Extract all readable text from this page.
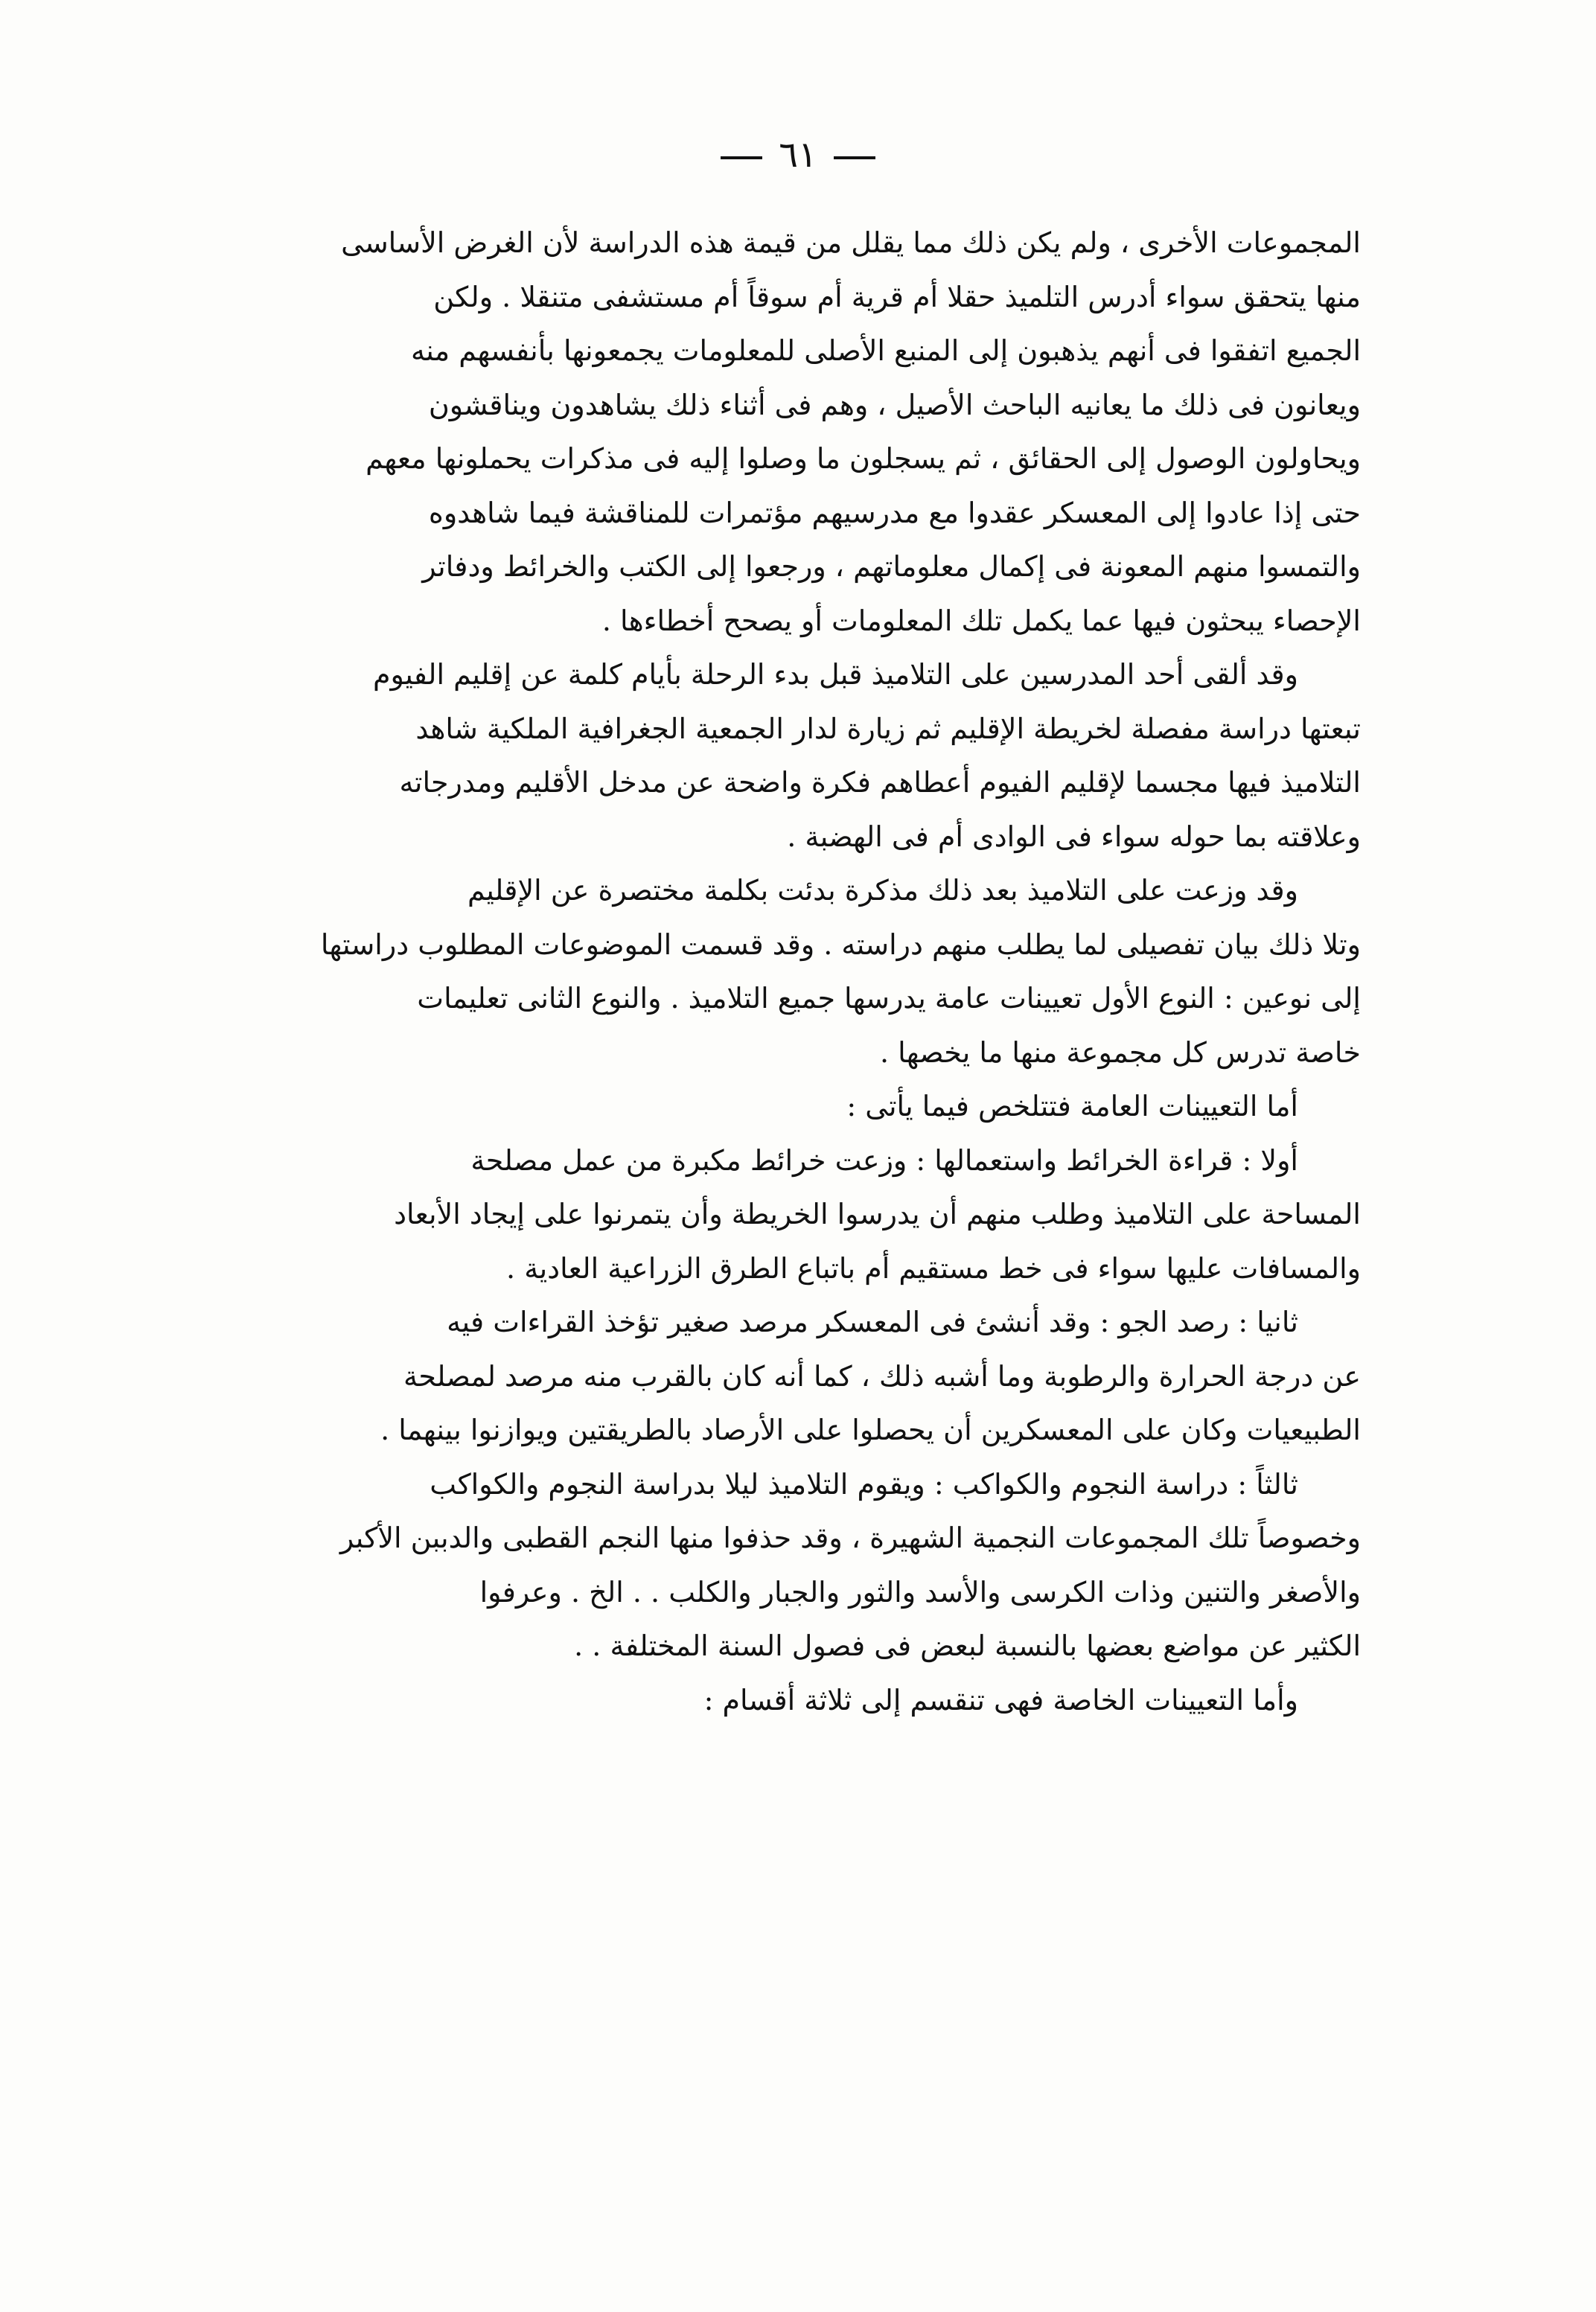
٦١
المجموعات الأخرى ، ولم يكن ذلك مما يقلل من قيمة هذه الدراسة لأن الغرض الأساسى
منها يتحقق سواء أدرس التلميذ حقلا أم قرية أم سوقاً أم مستشفى متنقلا . ولكن
الجميع اتفقوا فى أنهم يذهبون إلى المنبع الأصلى للمعلومات يجمعونها بأنفسهم منه
ويعانون فى ذلك ما يعانيه الباحث الأصيل ، وهم فى أثناء ذلك يشاهدون ويناقشون
ويحاولون الوصول إلى الحقائق ، ثم يسجلون ما وصلوا إليه فى مذكرات يحملونها معهم
حتى إذا عادوا إلى المعسكر عقدوا مع مدرسيهم مؤتمرات للمناقشة فيما شاهدوه
والتمسوا منهم المعونة فى إكمال معلوماتهم ، ورجعوا إلى الكتب والخرائط ودفاتر
الإحصاء يبحثون فيها عما يكمل تلك المعلومات أو يصحح أخطاءها .
وقد ألقى أحد المدرسين على التلاميذ قبل بدء الرحلة بأيام كلمة عن إقليم الفيوم
تبعتها دراسة مفصلة لخريطة الإقليم ثم زيارة لدار الجمعية الجغرافية الملكية شاهد
التلاميذ فيها مجسما لإقليم الفيوم أعطاهم فكرة واضحة عن مدخل الأقليم ومدرجاته
وعلاقته بما حوله سواء فى الوادى أم فى الهضبة .
وقد وزعت على التلاميذ بعد ذلك مذكرة بدئت بكلمة مختصرة عن الإقليم
وتلا ذلك بيان تفصيلى لما يطلب منهم دراسته . وقد قسمت الموضوعات المطلوب دراستها
إلى نوعين : النوع الأول تعيينات عامة يدرسها جميع التلاميذ . والنوع الثانى تعليمات
خاصة تدرس كل مجموعة منها ما يخصها .
أما التعيينات العامة فتتلخص فيما يأتى :
أولا : قراءة الخرائط واستعمالها : وزعت خرائط مكبرة من عمل مصلحة
المساحة على التلاميذ وطلب منهم أن يدرسوا الخريطة وأن يتمرنوا على إيجاد الأبعاد
والمسافات عليها سواء فى خط مستقيم أم باتباع الطرق الزراعية العادية .
ثانيا : رصد الجو : وقد أنشئ فى المعسكر مرصد صغير تؤخذ القراءات فيه
عن درجة الحرارة والرطوبة وما أشبه ذلك ، كما أنه كان بالقرب منه مرصد لمصلحة
الطبيعيات وكان على المعسكرين أن يحصلوا على الأرصاد بالطريقتين ويوازنوا بينهما .
ثالثاً : دراسة النجوم والكواكب : ويقوم التلاميذ ليلا بدراسة النجوم والكواكب
وخصوصاً تلك المجموعات النجمية الشهيرة ، وقد حذفوا منها النجم القطبى والدببن الأكبر
والأصغر والتنين وذات الكرسى والأسد والثور والجبار والكلب . . الخ . وعرفوا
الكثير عن مواضع بعضها بالنسبة لبعض فى فصول السنة المختلفة . .
وأما التعيينات الخاصة فهى تنقسم إلى ثلاثة أقسام :
